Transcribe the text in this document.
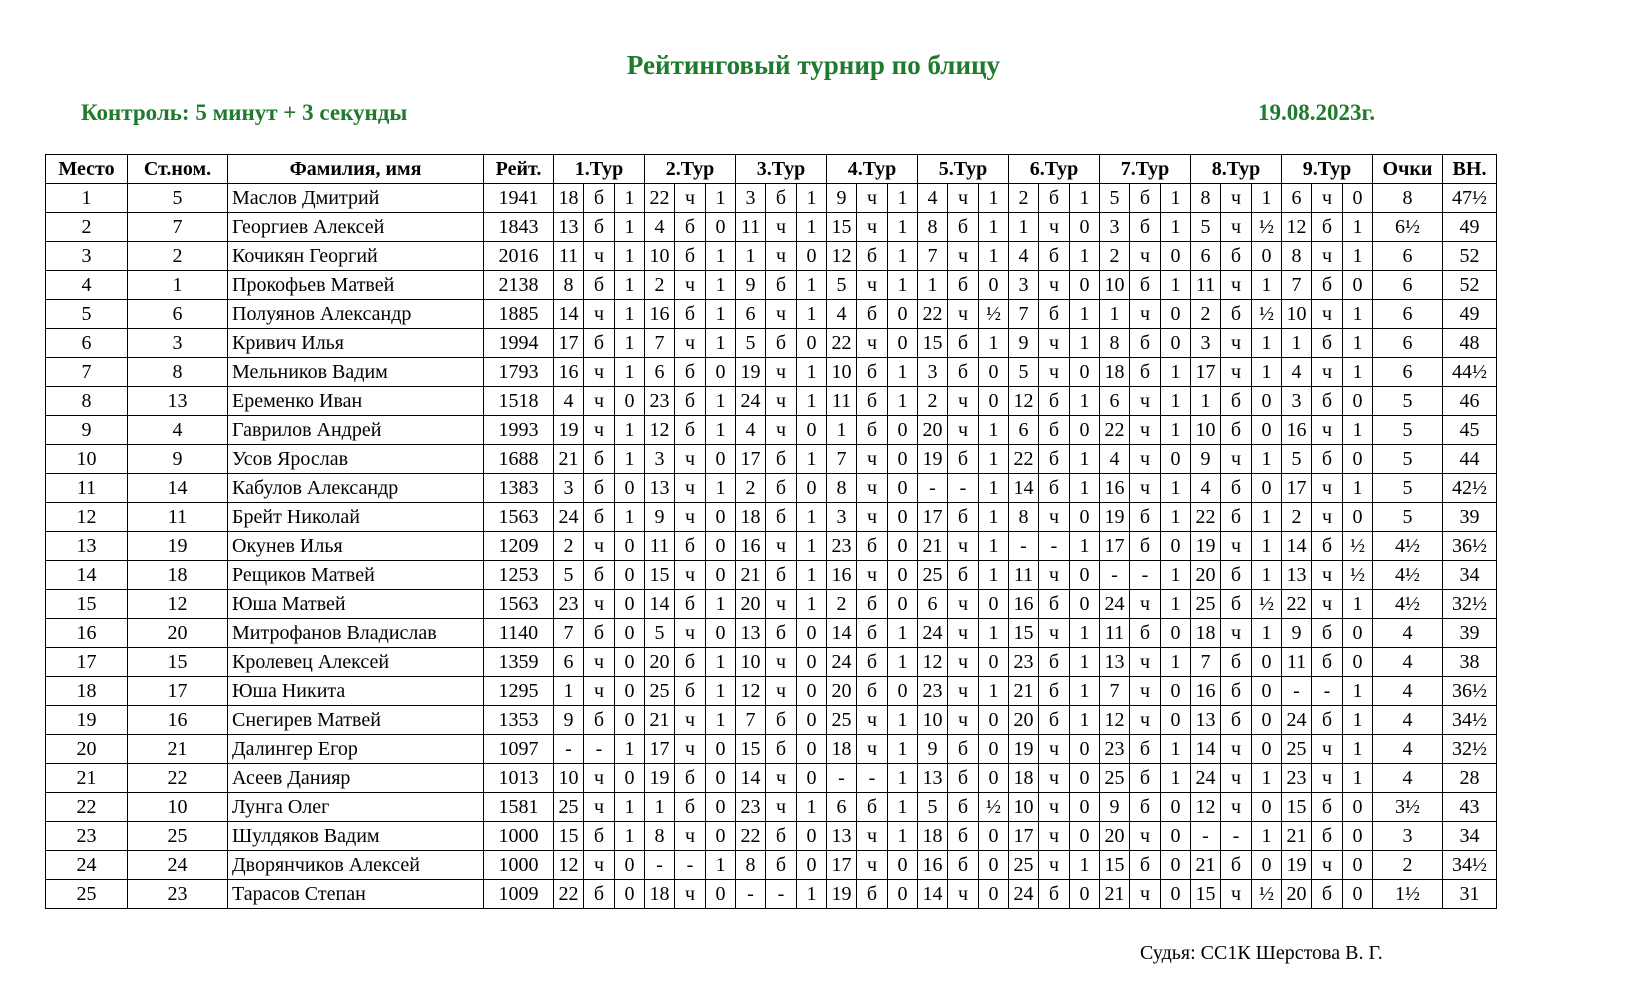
Рейтинговый турнир по блицу
Контроль: 5 минут + 3 секунды	19.08.2023г.
Место	Ст.ном.	Фамилия, имя	Рейт.	1.Тур			2.Тур			3.Тур			4.Тур			5.Тур			6.Тур			7.Тур			8.Тур			9.Тур			Очки	ВН.
1	5	Маслов Дмитрий	1941	18	б	1	22	ч	1	3	б	1	9	ч	1	4	ч	1	2	б	1	5	б	1	8	ч	1	6	ч	0	8	47½
2	7	Георгиев Алексей	1843	13	б	1	4	б	0	11	ч	1	15	ч	1	8	б	1	1	ч	0	3	б	1	5	ч	½	12	б	1	6½	49
3	2	Кочикян Георгий	2016	11	ч	1	10	б	1	1	ч	0	12	б	1	7	ч	1	4	б	1	2	ч	0	6	б	0	8	ч	1	6	52
4	1	Прокофьев Матвей	2138	8	б	1	2	ч	1	9	б	1	5	ч	1	1	б	0	3	ч	0	10	б	1	11	ч	1	7	б	0	6	52
5	6	Полуянов Александр	1885	14	ч	1	16	б	1	6	ч	1	4	б	0	22	ч	½	7	б	1	1	ч	0	2	б	½	10	ч	1	6	49
6	3	Кривич Илья	1994	17	б	1	7	ч	1	5	б	0	22	ч	0	15	б	1	9	ч	1	8	б	0	3	ч	1	1	б	1	6	48
7	8	Мельников Вадим	1793	16	ч	1	6	б	0	19	ч	1	10	б	1	3	б	0	5	ч	0	18	б	1	17	ч	1	4	ч	1	6	44½
8	13	Еременко Иван	1518	4	ч	0	23	б	1	24	ч	1	11	б	1	2	ч	0	12	б	1	6	ч	1	1	б	0	3	б	0	5	46
9	4	Гаврилов Андрей	1993	19	ч	1	12	б	1	4	ч	0	1	б	0	20	ч	1	6	б	0	22	ч	1	10	б	0	16	ч	1	5	45
10	9	Усов Ярослав	1688	21	б	1	3	ч	0	17	б	1	7	ч	0	19	б	1	22	б	1	4	ч	0	9	ч	1	5	б	0	5	44
11	14	Кабулов Александр	1383	3	б	0	13	ч	1	2	б	0	8	ч	0	-	-	1	14	б	1	16	ч	1	4	б	0	17	ч	1	5	42½
12	11	Брейт Николай	1563	24	б	1	9	ч	0	18	б	1	3	ч	0	17	б	1	8	ч	0	19	б	1	22	б	1	2	ч	0	5	39
13	19	Окунев Илья	1209	2	ч	0	11	б	0	16	ч	1	23	б	0	21	ч	1	-	-	1	17	б	0	19	ч	1	14	б	½	4½	36½
14	18	Рещиков Матвей	1253	5	б	0	15	ч	0	21	б	1	16	ч	0	25	б	1	11	ч	0	-	-	1	20	б	1	13	ч	½	4½	34
15	12	Юша Матвей	1563	23	ч	0	14	б	1	20	ч	1	2	б	0	6	ч	0	16	б	0	24	ч	1	25	б	½	22	ч	1	4½	32½
16	20	Митрофанов Владислав	1140	7	б	0	5	ч	0	13	б	0	14	б	1	24	ч	1	15	ч	1	11	б	0	18	ч	1	9	б	0	4	39
17	15	Кролевец Алексей	1359	6	ч	0	20	б	1	10	ч	0	24	б	1	12	ч	0	23	б	1	13	ч	1	7	б	0	11	б	0	4	38
18	17	Юша Никита	1295	1	ч	0	25	б	1	12	ч	0	20	б	0	23	ч	1	21	б	1	7	ч	0	16	б	0	-	-	1	4	36½
19	16	Снегирев Матвей	1353	9	б	0	21	ч	1	7	б	0	25	ч	1	10	ч	0	20	б	1	12	ч	0	13	б	0	24	б	1	4	34½
20	21	Далингер Егор	1097	-	-	1	17	ч	0	15	б	0	18	ч	1	9	б	0	19	ч	0	23	б	1	14	ч	0	25	ч	1	4	32½
21	22	Асеев Данияр	1013	10	ч	0	19	б	0	14	ч	0	-	-	1	13	б	0	18	ч	0	25	б	1	24	ч	1	23	ч	1	4	28
22	10	Лунга Олег	1581	25	ч	1	1	б	0	23	ч	1	6	б	1	5	б	½	10	ч	0	9	б	0	12	ч	0	15	б	0	3½	43
23	25	Шулдяков Вадим	1000	15	б	1	8	ч	0	22	б	0	13	ч	1	18	б	0	17	ч	0	20	ч	0	-	-	1	21	б	0	3	34
24	24	Дворянчиков Алексей	1000	12	ч	0	-	-	1	8	б	0	17	ч	0	16	б	0	25	ч	1	15	б	0	21	б	0	19	ч	0	2	34½
25	23	Тарасов Степан	1009	22	б	0	18	ч	0	-	-	1	19	б	0	14	ч	0	24	б	0	21	ч	0	15	ч	½	20	б	0	1½	31
Судья: СС1К Шерстова В. Г.
